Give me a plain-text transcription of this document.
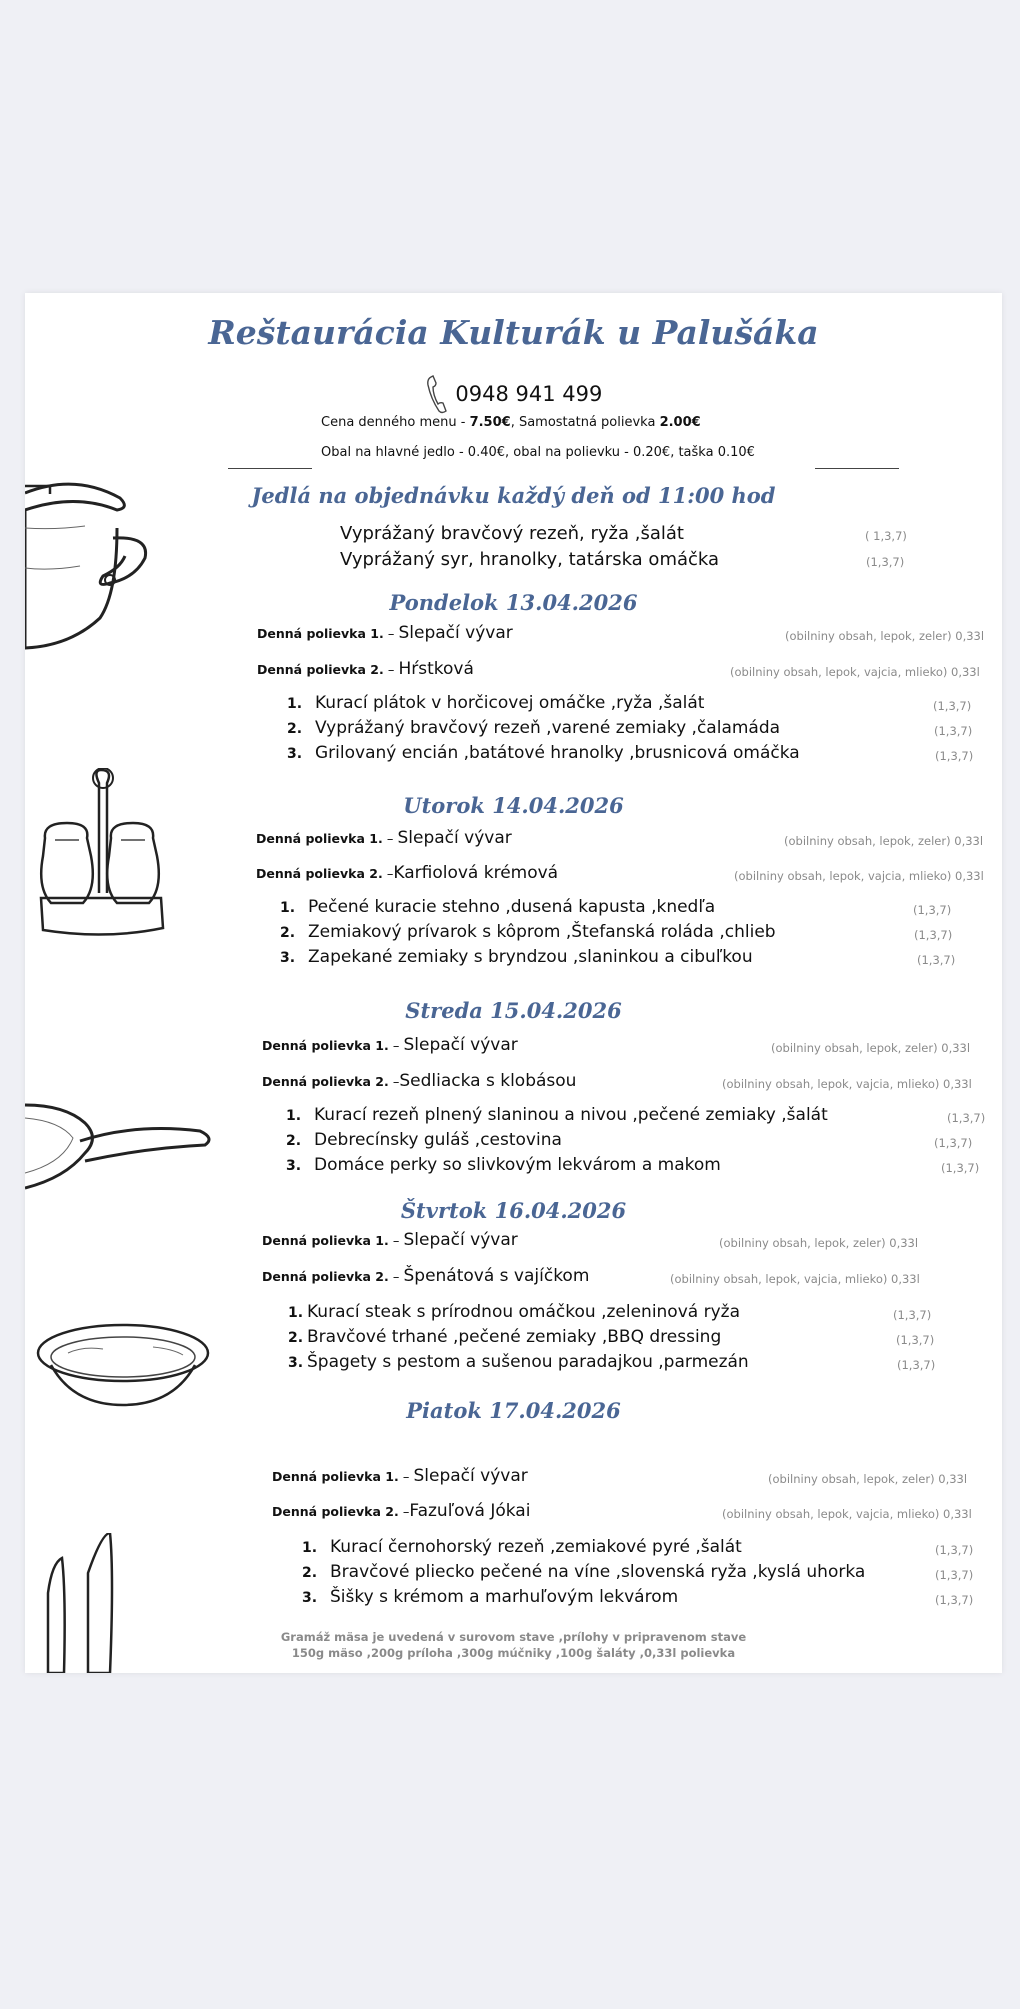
Reštaurácia Kulturák u Palušáka
0948 941 499
Cena denného menu - 7.50€, Samostatná polievka 2.00€
Obal na hlavné jedlo - 0.40€, obal na polievku - 0.20€, taška 0.10€
Jedlá na objednávku každý deň od 11:00 hod
Vyprážaný bravčový rezeň, ryža ,šalát	( 1,3,7)
Vyprážaný syr, hranolky, tatárska omáčka	(1,3,7)
Pondelok 13.04.2026
Denná polievka 1. – Slepačí vývar	(obilniny obsah, lepok, zeler) 0,33l
Denná polievka 2. – Hŕstková	(obilniny obsah, lepok, vajcia, mlieko) 0,33l
1. Kurací plátok v horčicovej omáčke ,ryža ,šalát	(1,3,7)
2. Vyprážaný bravčový rezeň ,varené zemiaky ,čalamáda	(1,3,7)
3. Grilovaný encián ,batátové hranolky ,brusnicová omáčka	(1,3,7)
Utorok 14.04.2026
Denná polievka 1. – Slepačí vývar	(obilniny obsah, lepok, zeler) 0,33l
Denná polievka 2. –Karfiolová krémová	(obilniny obsah, lepok, vajcia, mlieko) 0,33l
1. Pečené kuracie stehno ,dusená kapusta ,knedľa	(1,3,7)
2. Zemiakový prívarok s kôprom ,Štefanská roláda ,chlieb	(1,3,7)
3. Zapekané zemiaky s bryndzou ,slaninkou a cibuľkou	(1,3,7)
Streda 15.04.2026
Denná polievka 1. – Slepačí vývar	(obilniny obsah, lepok, zeler) 0,33l
Denná polievka 2. –Sedliacka s klobásou	(obilniny obsah, lepok, vajcia, mlieko) 0,33l
1. Kurací rezeň plnený slaninou a nivou ,pečené zemiaky ,šalát	(1,3,7)
2. Debrecínsky guláš ,cestovina	(1,3,7)
3. Domáce perky so slivkovým lekvárom a makom	(1,3,7)
Štvrtok 16.04.2026
Denná polievka 1. – Slepačí vývar	(obilniny obsah, lepok, zeler) 0,33l
Denná polievka 2. – Špenátová s vajíčkom	(obilniny obsah, lepok, vajcia, mlieko) 0,33l
1. Kurací steak s prírodnou omáčkou ,zeleninová ryža	(1,3,7)
2. Bravčové trhané ,pečené zemiaky ,BBQ dressing	(1,3,7)
3. Špagety s pestom a sušenou paradajkou ,parmezán	(1,3,7)
Piatok 17.04.2026
Denná polievka 1. – Slepačí vývar	(obilniny obsah, lepok, zeler) 0,33l
Denná polievka 2. –Fazuľová Jókai	(obilniny obsah, lepok, vajcia, mlieko) 0,33l
1. Kurací černohorský rezeň ,zemiakové pyré ,šalát	(1,3,7)
2. Bravčové pliecko pečené na víne ,slovenská ryža ,kyslá uhorka	(1,3,7)
3. Šišky s krémom a marhuľovým lekvárom	(1,3,7)
Gramáž mäsa je uvedená v surovom stave ,prílohy v pripravenom stave
150g mäso ,200g príloha ,300g múčniky ,100g šaláty ,0,33l polievka
